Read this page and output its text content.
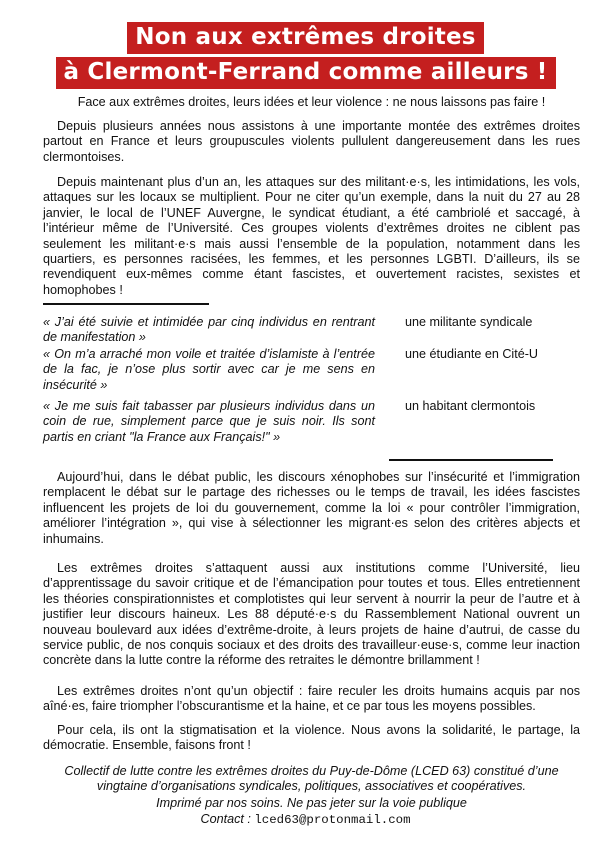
Non aux extrêmes droites
à Clermont-Ferrand comme ailleurs !

Face aux extrêmes droites, leurs idées et leur violence : ne nous laissons pas faire !

Depuis plusieurs années nous assistons à une importante montée des extrêmes droites partout en France et leurs groupuscules violents pullulent dangereusement dans les rues clermontoises.

Depuis maintenant plus d’un an, les attaques sur des militant·e·s, les intimidations, les vols, attaques sur les locaux se multiplient. Pour ne citer qu’un exemple, dans la nuit du 27 au 28 janvier, le local de l’UNEF Auvergne, le syndicat étudiant, a été cambriolé et saccagé, à l’intérieur même de l’Université. Ces groupes violents d’extrêmes droites ne ciblent pas seulement les militant·e·s mais aussi l’ensemble de la population, notamment dans les quartiers, es personnes racisées, les femmes, et les personnes LGBTI. D’ailleurs, ils se revendiquent eux-mêmes comme étant fascistes, et ouvertement racistes, sexistes et homophobes !

« J’ai été suivie et intimidée par cinq individus en rentrant de manifestation »

une militante syndicale

« On m’a arraché mon voile et traitée d’islamiste à l’entrée de la fac, je n’ose plus sortir avec car je me sens en insécurité »

une étudiante en Cité-U

« Je me suis fait tabasser par plusieurs individus dans un coin de rue, simplement parce que je suis noir. Ils sont partis en criant "la France aux Français!" »

un habitant clermontois

Aujourd’hui, dans le débat public, les discours xénophobes sur l’insécurité et l’immigration remplacent le débat sur le partage des richesses ou le temps de travail, les idées fascistes influencent les projets de loi du gouvernement, comme la loi « pour contrôler l’immigration, améliorer l’intégration », qui vise à sélectionner les migrant·es selon des critères abjects et inhumains.

Les extrêmes droites s’attaquent aussi aux institutions comme l’Université, lieu d’apprentissage du savoir critique et de l’émancipation pour toutes et tous. Elles entretiennent les théories conspirationnistes et complotistes qui leur servent à nourrir la peur de l’autre et à justifier leur discours haineux. Les 88 député·e·s du Rassemblement National ouvrent un nouveau boulevard aux idées d’extrême-droite, à leurs projets de haine d’autrui, de casse du service public, de nos conquis sociaux et des droits des travailleur·euse·s, comme leur inaction concrète dans la lutte contre la réforme des retraites le démontre brillamment !

Les extrêmes droites n’ont qu’un objectif : faire reculer les droits humains acquis par nos aîné·es, faire triompher l’obscurantisme et la haine, et ce par tous les moyens possibles.

Pour cela, ils ont la stigmatisation et la violence. Nous avons la solidarité, le partage, la démocratie. Ensemble, faisons front !

Collectif de lutte contre les extrêmes droites du Puy-de-Dôme (LCED 63) constitué d’une vingtaine d’organisations syndicales, politiques, associatives et coopératives.

Imprimé par nos soins. Ne pas jeter sur la voie publique

Contact : lced63@protonmail.com
